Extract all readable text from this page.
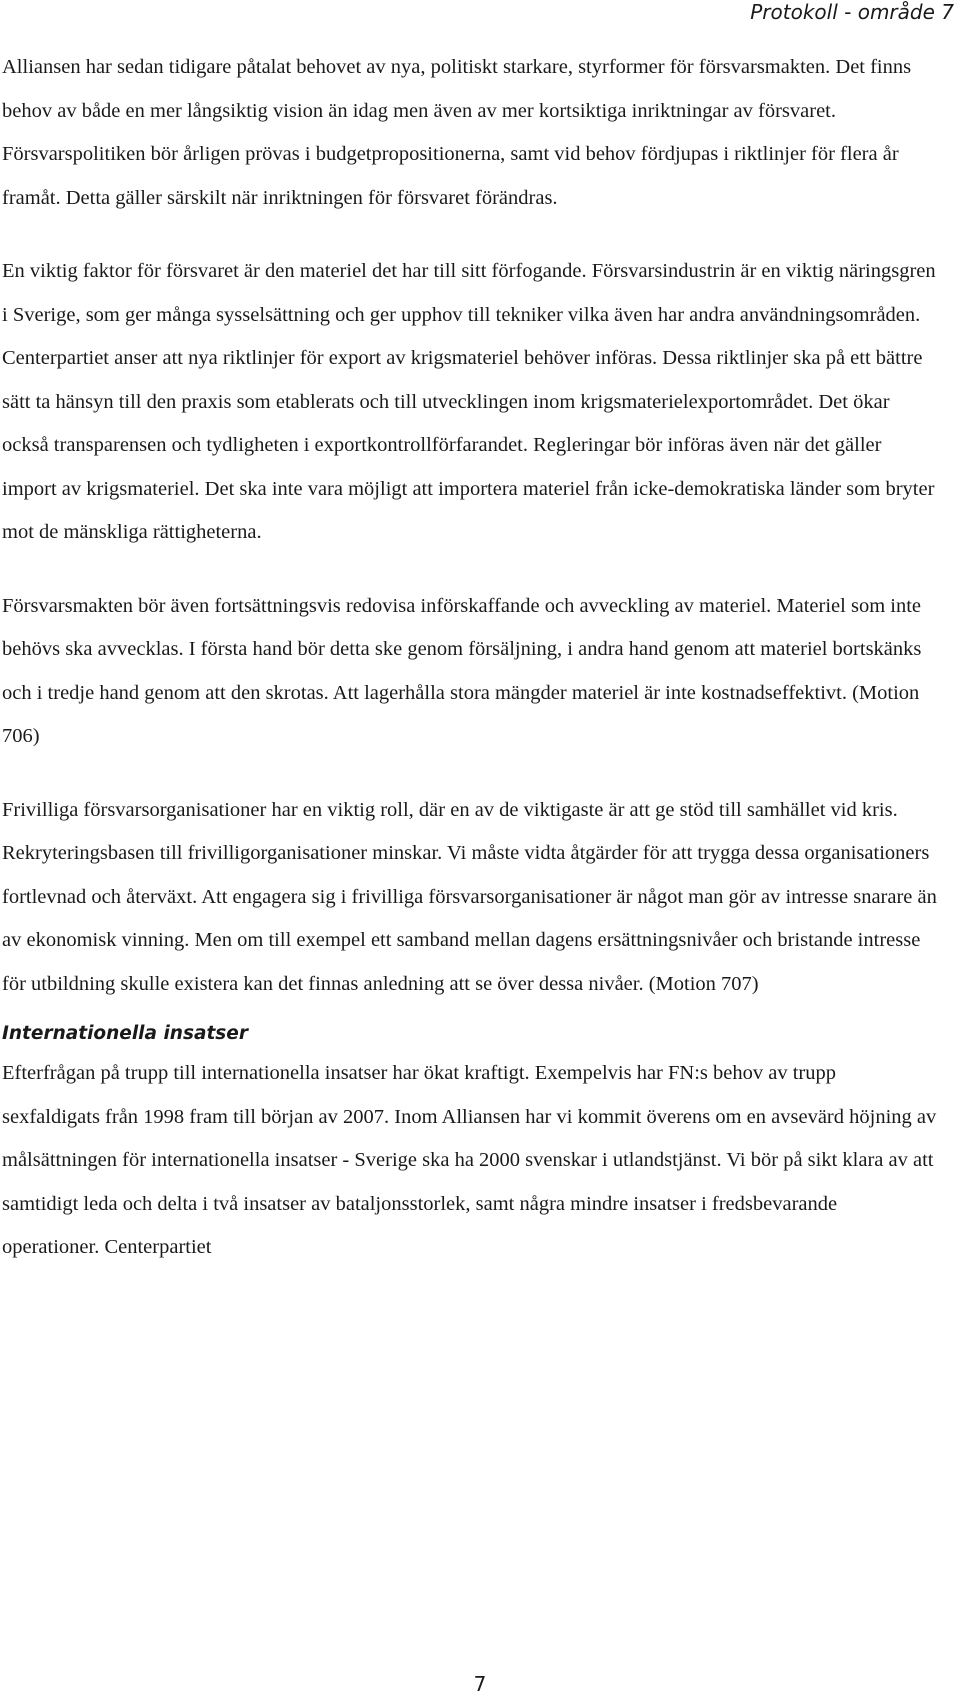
Protokoll - område 7

Alliansen har sedan tidigare påtalat behovet av nya, politiskt starkare, styrformer för försvarsmakten. Det finns behov av både en mer långsiktig vision än idag men även av mer kortsiktiga inriktningar av försvaret. Försvarspolitiken bör årligen prövas i budgetpropositionerna, samt vid behov fördjupas i riktlinjer för flera år framåt. Detta gäller särskilt när inriktningen för försvaret förändras.

En viktig faktor för försvaret är den materiel det har till sitt förfogande. Försvarsindustrin är en viktig näringsgren i Sverige, som ger många sysselsättning och ger upphov till tekniker vilka även har andra användningsområden. Centerpartiet anser att nya riktlinjer för export av krigsmateriel behöver införas. Dessa riktlinjer ska på ett bättre sätt ta hänsyn till den praxis som etablerats och till utvecklingen inom krigsmaterielexportområdet. Det ökar också transparensen och tydligheten i exportkontrollförfarandet. Regleringar bör införas även när det gäller import av krigsmateriel. Det ska inte vara möjligt att importera materiel från icke-demokratiska länder som bryter mot de mänskliga rättigheterna.

Försvarsmakten bör även fortsättningsvis redovisa införskaffande och avveckling av materiel. Materiel som inte behövs ska avvecklas. I första hand bör detta ske genom försäljning, i andra hand genom att materiel bortskänks och i tredje hand genom att den skrotas. Att lagerhålla stora mängder materiel är inte kostnadseffektivt. (Motion 706)

Frivilliga försvarsorganisationer har en viktig roll, där en av de viktigaste är att ge stöd till samhället vid kris. Rekryteringsbasen till frivilligorganisationer minskar. Vi måste vidta åtgärder för att trygga dessa organisationers fortlevnad och återväxt. Att engagera sig i frivilliga försvarsorganisationer är något man gör av intresse snarare än av ekonomisk vinning. Men om till exempel ett samband mellan dagens ersättningsnivåer och bristande intresse för utbildning skulle existera kan det finnas anledning att se över dessa nivåer. (Motion 707)

Internationella insatser

Efterfrågan på trupp till internationella insatser har ökat kraftigt. Exempelvis har FN:s behov av trupp sexfaldigats från 1998 fram till början av 2007. Inom Alliansen har vi kommit överens om en avsevärd höjning av målsättningen för internationella insatser - Sverige ska ha 2000 svenskar i utlandstjänst. Vi bör på sikt klara av att samtidigt leda och delta i två insatser av bataljonsstorlek, samt några mindre insatser i fredsbevarande operationer. Centerpartiet

7
